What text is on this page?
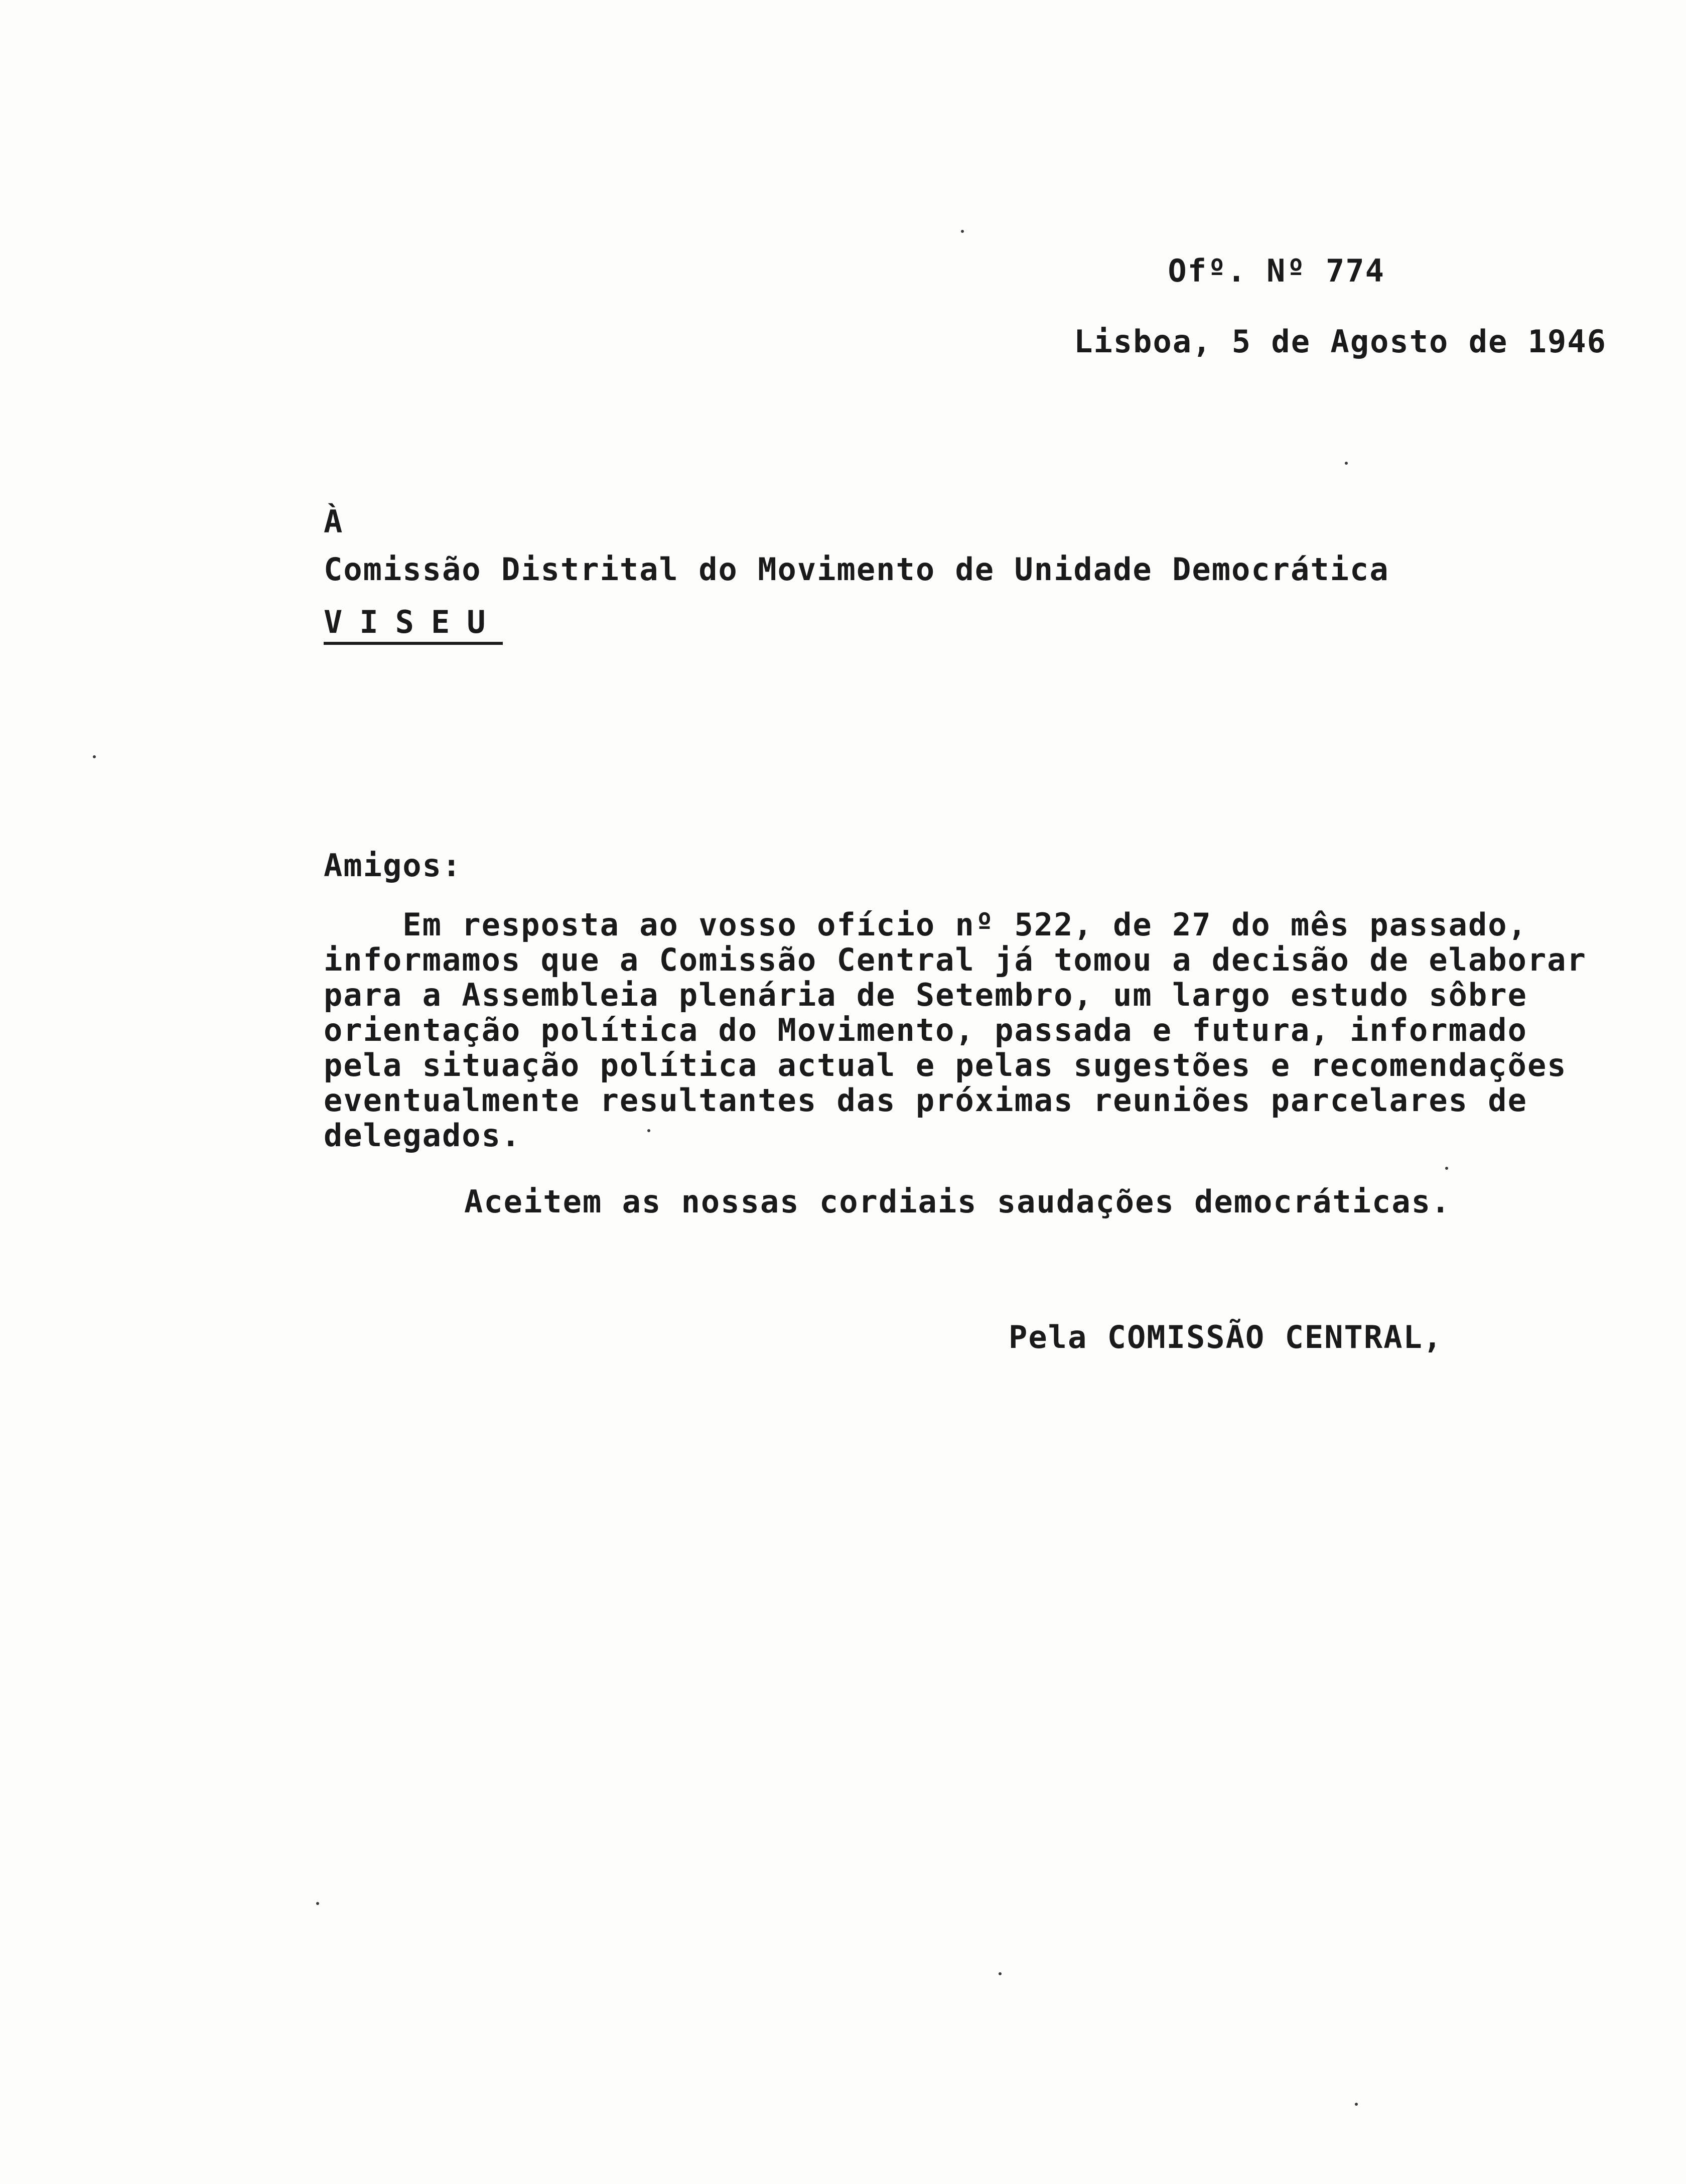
Ofº. Nº 774
Lisboa, 5 de Agosto de 1946
À
Comissão Distrital do Movimento de Unidade Democrática
VISEU
Amigos:
Em resposta ao vosso ofício nº 522, de 27 do mês passado,
informamos que a Comissão Central já tomou a decisão de elaborar
para a Assembleia plenária de Setembro, um largo estudo sôbre
orientação política do Movimento, passada e futura, informado
pela situação política actual e pelas sugestões e recomendações
eventualmente resultantes das próximas reuniões parcelares de
delegados.
Aceitem as nossas cordiais saudações democráticas.
Pela COMISSÃO CENTRAL,
